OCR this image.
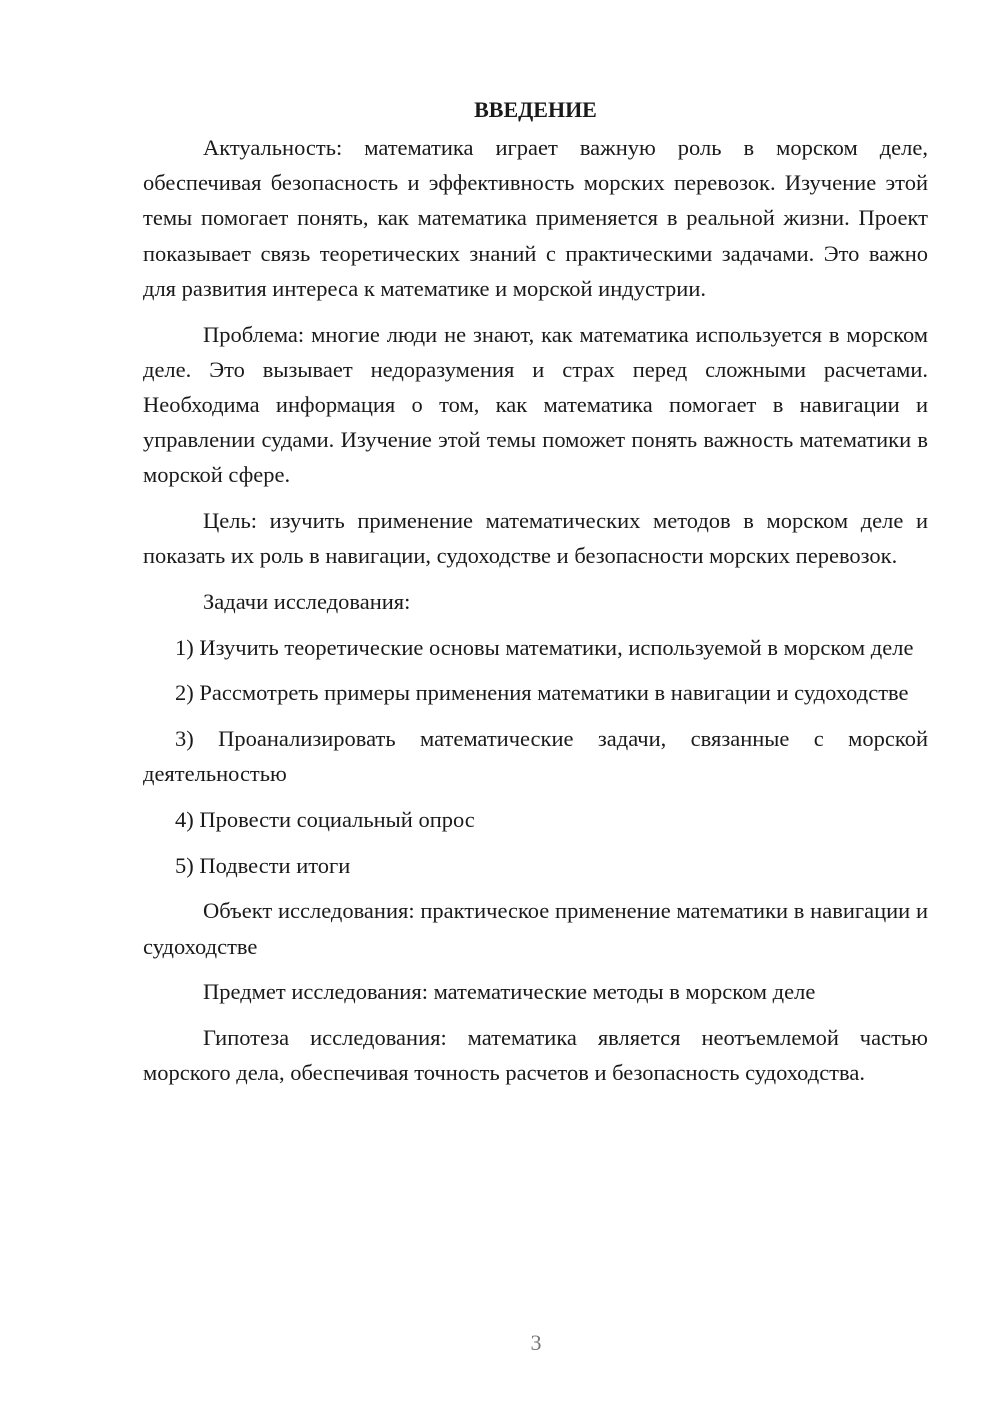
ВВЕДЕНИЕ

Актуальность: математика играет важную роль в морском деле, обеспечивая безопасность и эффективность морских перевозок. Изучение этой темы помогает понять, как математика применяется в реальной жизни. Проект показывает связь теоретических знаний с практическими задачами. Это важно для развития интереса к математике и морской индустрии.

Проблема: многие люди не знают, как математика используется в морском деле. Это вызывает недоразумения и страх перед сложными расчетами. Необходима информация о том, как математика помогает в навигации и управлении судами. Изучение этой темы поможет понять важность математики в морской сфере.

Цель: изучить применение математических методов в морском деле и показать их роль в навигации, судоходстве и безопасности морских перевозок.

Задачи исследования:

1) Изучить теоретические основы математики, используемой в морском деле

2) Рассмотреть примеры применения математики в навигации и судоходстве

3) Проанализировать математические задачи, связанные с морской деятельностью

4) Провести социальный опрос

5) Подвести итоги

Объект исследования: практическое применение математики в навигации и судоходстве

Предмет исследования: математические методы в морском деле

Гипотеза исследования: математика является неотъемлемой частью морского дела, обеспечивая точность расчетов и безопасность судоходства.

3
